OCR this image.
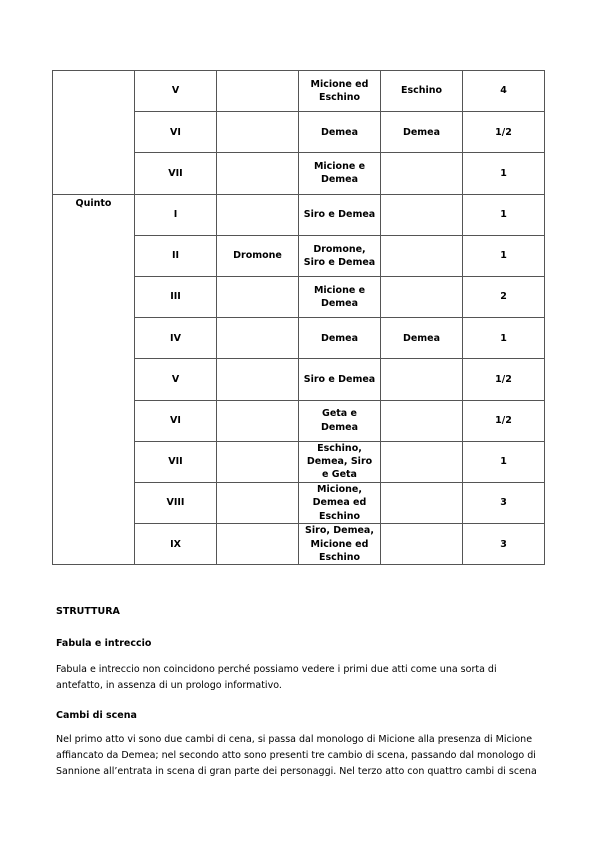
	V		Micione ed Eschino	Eschino	4
	VI		Demea	Demea	1/2
	VII		Micione e Demea		1
Quinto	I		Siro e Demea		1
	II	Dromone	Dromone, Siro e Demea		1
	III		Micione e Demea		2
	IV		Demea	Demea	1
	V		Siro e Demea		1/2
	VI		Geta e Demea		1/2
	VII		Eschino, Demea, Siro e Geta		1
	VIII		Micione, Demea ed Eschino		3
	IX		Siro, Demea, Micione ed Eschino		3
STRUTTURA
Fabula e intreccio
Fabula e intreccio non coincidono perché possiamo vedere i primi due atti come una sorta di antefatto, in assenza di un prologo informativo.
Cambi di scena
Nel primo atto vi sono due cambi di cena, si passa dal monologo di Micione alla presenza di Micione affiancato da Demea; nel secondo atto sono presenti tre cambio di scena, passando dal monologo di Sannione all’entrata in scena di gran parte dei personaggi. Nel terzo atto con quattro cambi di scena
